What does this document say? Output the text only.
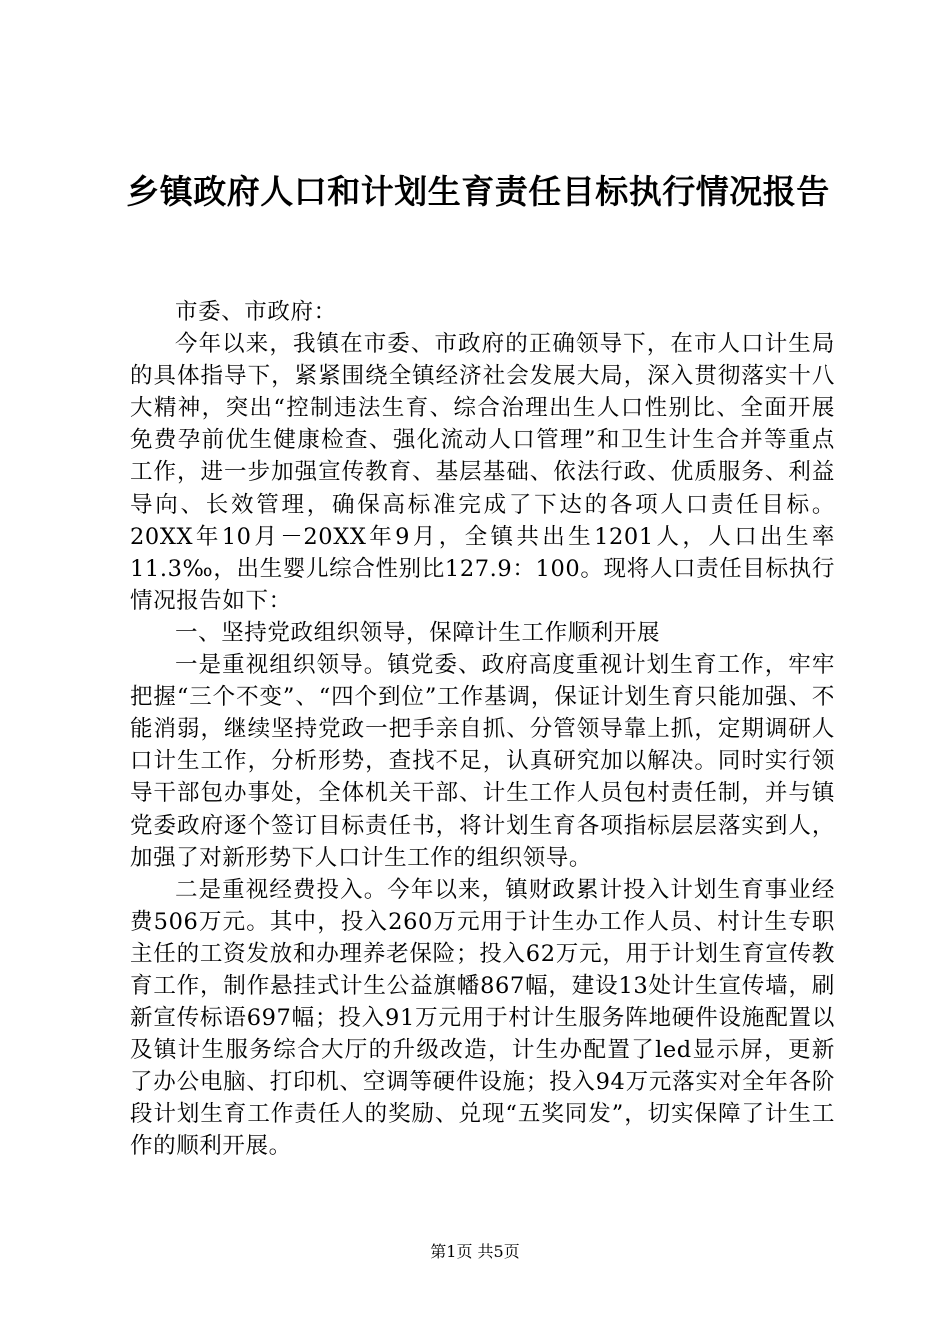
乡镇政府人口和计划生育责任目标执行情况报告

市委、市政府：

今年以来，我镇在市委、市政府的正确领导下，在市人口计生局的具体指导下，紧紧围绕全镇经济社会发展大局，深入贯彻落实十八大精神，突出“控制违法生育、综合治理出生人口性别比、全面开展免费孕前优生健康检查、强化流动人口管理”和卫生计生合并等重点工作，进一步加强宣传教育、基层基础、依法行政、优质服务、利益导向、长效管理，确保高标准完成了下达的各项人口责任目标。20XX年10月－20XX年9月，全镇共出生1201人，人口出生率11.3‰，出生婴儿综合性别比127.9：100。现将人口责任目标执行情况报告如下：

一、坚持党政组织领导，保障计生工作顺利开展

一是重视组织领导。镇党委、政府高度重视计划生育工作，牢牢把握“三个不变”、“四个到位”工作基调，保证计划生育只能加强、不能消弱，继续坚持党政一把手亲自抓、分管领导靠上抓，定期调研人口计生工作，分析形势，查找不足，认真研究加以解决。同时实行领导干部包办事处，全体机关干部、计生工作人员包村责任制，并与镇党委政府逐个签订目标责任书，将计划生育各项指标层层落实到人，加强了对新形势下人口计生工作的组织领导。

二是重视经费投入。今年以来，镇财政累计投入计划生育事业经费506万元。其中，投入260万元用于计生办工作人员、村计生专职主任的工资发放和办理养老保险；投入62万元，用于计划生育宣传教育工作，制作悬挂式计生公益旗幡867幅，建设13处计生宣传墙，刷新宣传标语697幅；投入91万元用于村计生服务阵地硬件设施配置以及镇计生服务综合大厅的升级改造，计生办配置了led显示屏，更新了办公电脑、打印机、空调等硬件设施；投入94万元落实对全年各阶段计划生育工作责任人的奖励、兑现“五奖同发”，切实保障了计生工作的顺利开展。

第1页 共5页
